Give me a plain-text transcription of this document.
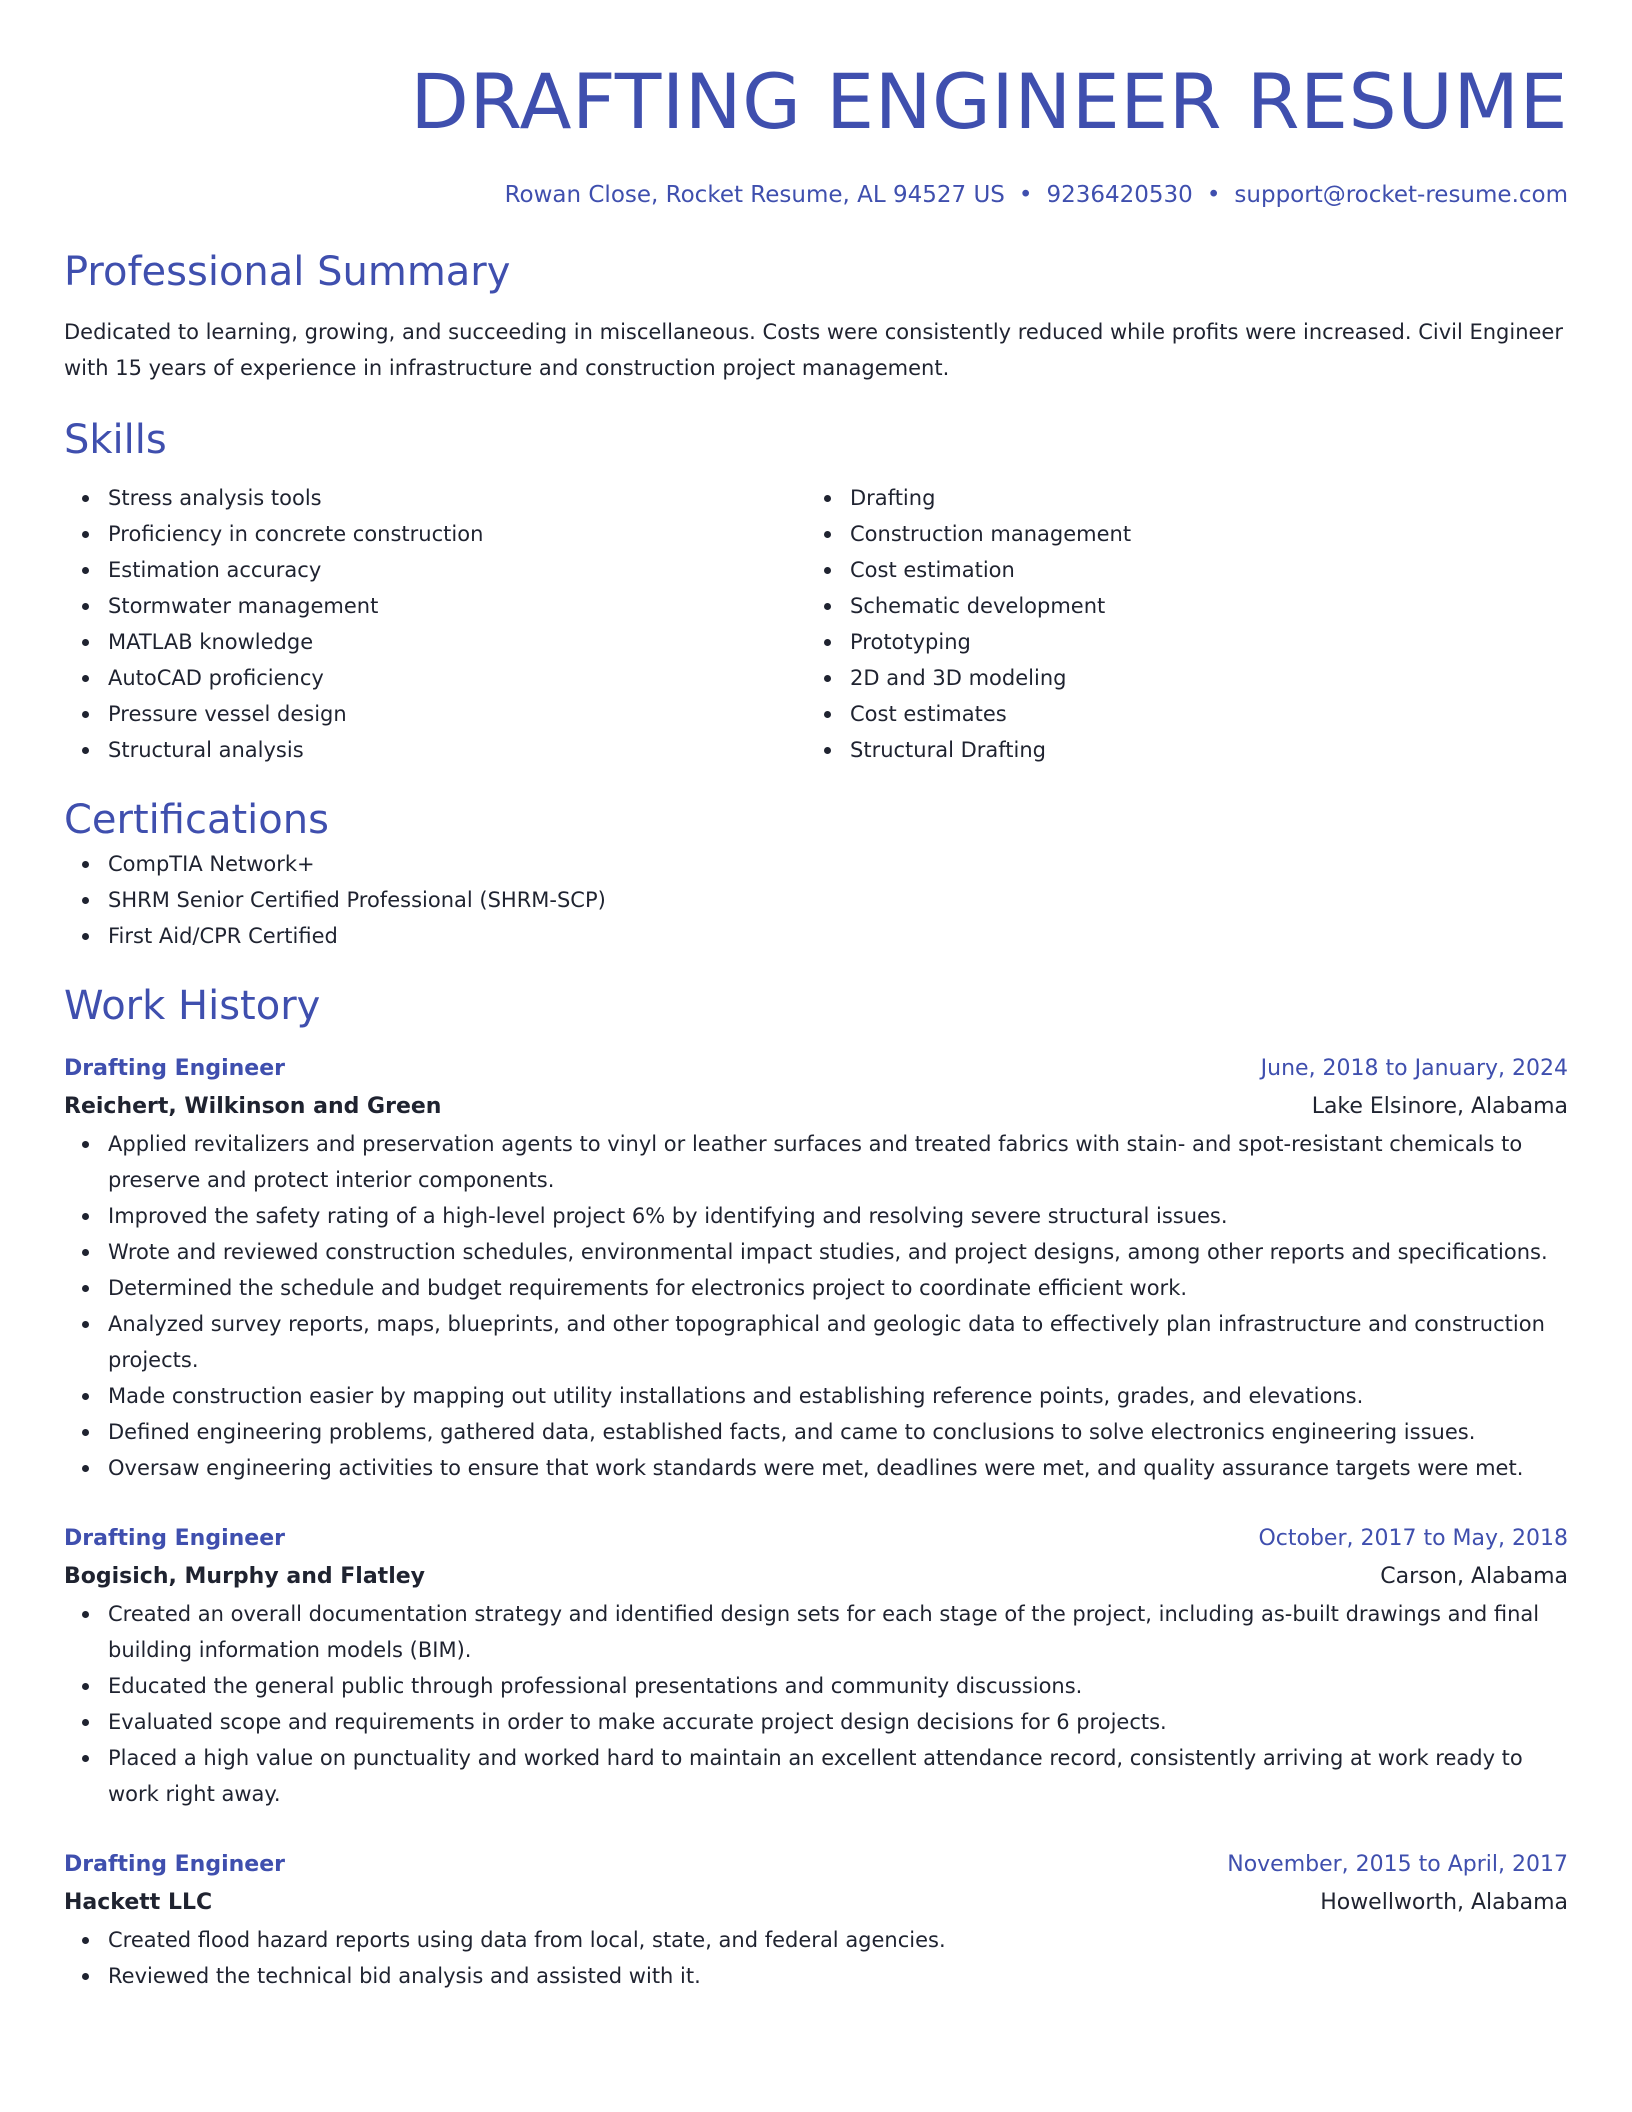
DRAFTING ENGINEER RESUME
Rowan Close, Rocket Resume, AL 94527 US • 9236420530 • support@rocket-resume.com
Professional Summary
Dedicated to learning, growing, and succeeding in miscellaneous. Costs were consistently reduced while profits were increased. Civil Engineer with 15 years of experience in infrastructure and construction project management.
Skills
Stress analysis tools
Proficiency in concrete construction
Estimation accuracy
Stormwater management
MATLAB knowledge
AutoCAD proficiency
Pressure vessel design
Structural analysis
Drafting
Construction management
Cost estimation
Schematic development
Prototyping
2D and 3D modeling
Cost estimates
Structural Drafting
Certifications
CompTIA Network+
SHRM Senior Certified Professional (SHRM-SCP)
First Aid/CPR Certified
Work History
Drafting Engineer	June, 2018 to January, 2024
Reichert, Wilkinson and Green	Lake Elsinore, Alabama
Applied revitalizers and preservation agents to vinyl or leather surfaces and treated fabrics with stain- and spot-resistant chemicals to preserve and protect interior components.
Improved the safety rating of a high-level project 6% by identifying and resolving severe structural issues.
Wrote and reviewed construction schedules, environmental impact studies, and project designs, among other reports and specifications.
Determined the schedule and budget requirements for electronics project to coordinate efficient work.
Analyzed survey reports, maps, blueprints, and other topographical and geologic data to effectively plan infrastructure and construction projects.
Made construction easier by mapping out utility installations and establishing reference points, grades, and elevations.
Defined engineering problems, gathered data, established facts, and came to conclusions to solve electronics engineering issues.
Oversaw engineering activities to ensure that work standards were met, deadlines were met, and quality assurance targets were met.
Drafting Engineer	October, 2017 to May, 2018
Bogisich, Murphy and Flatley	Carson, Alabama
Created an overall documentation strategy and identified design sets for each stage of the project, including as-built drawings and final building information models (BIM).
Educated the general public through professional presentations and community discussions.
Evaluated scope and requirements in order to make accurate project design decisions for 6 projects.
Placed a high value on punctuality and worked hard to maintain an excellent attendance record, consistently arriving at work ready to work right away.
Drafting Engineer	November, 2015 to April, 2017
Hackett LLC	Howellworth, Alabama
Created flood hazard reports using data from local, state, and federal agencies.
Reviewed the technical bid analysis and assisted with it.
